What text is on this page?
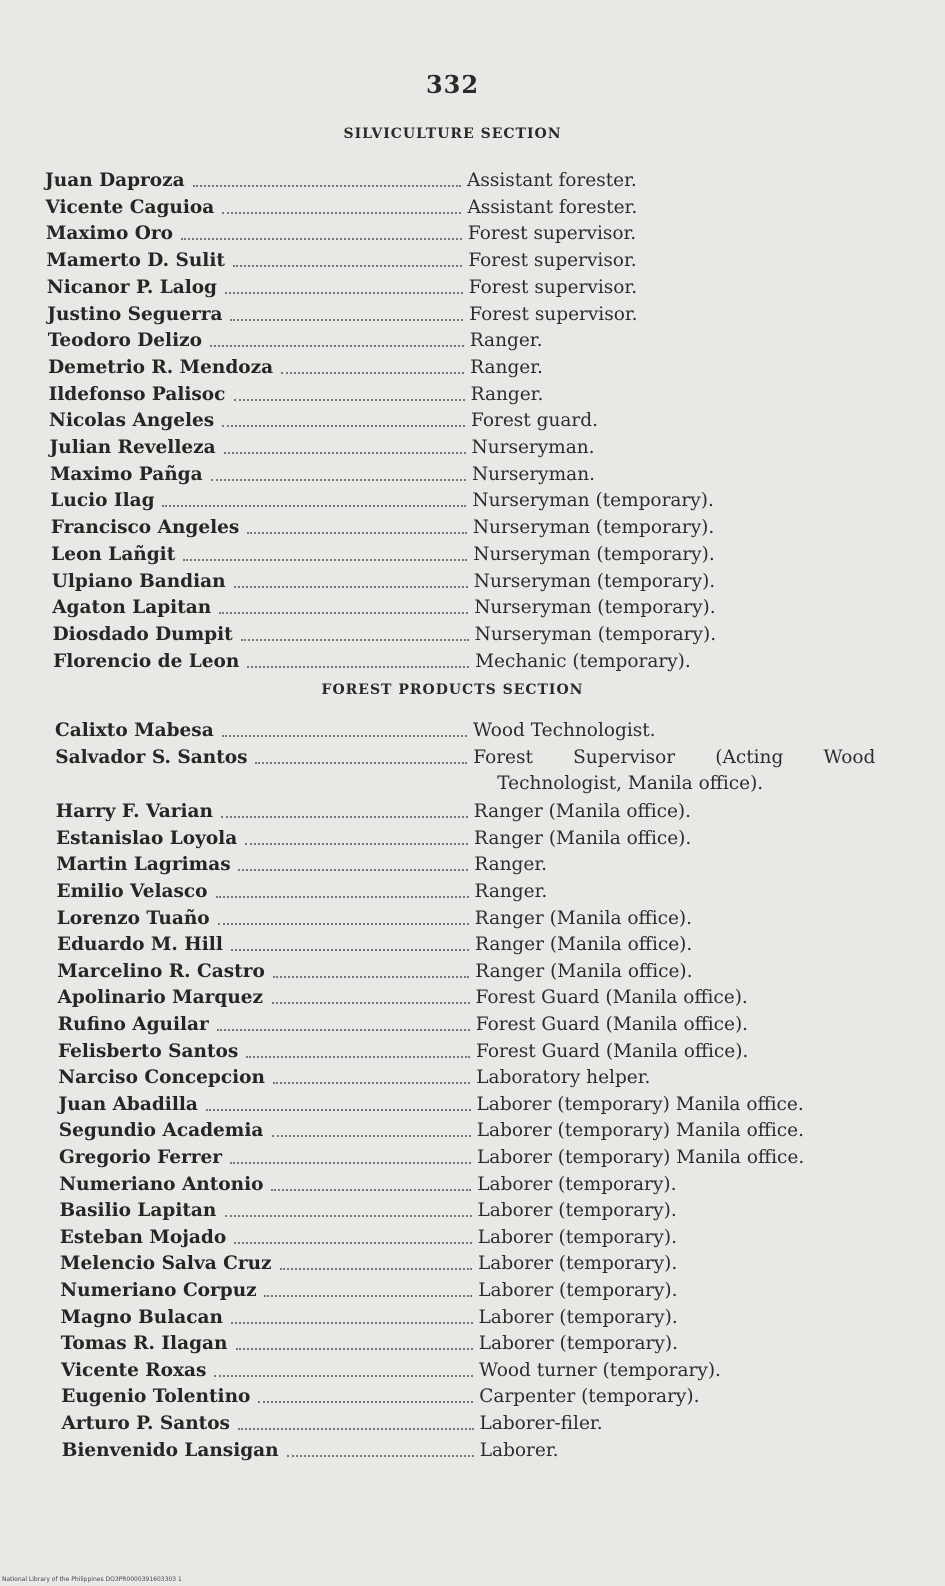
332
SILVICULTURE SECTION
Juan Daproza	Assistant forester.
Vicente Caguioa	Assistant forester.
Maximo Oro	Forest supervisor.
Mamerto D. Sulit	Forest supervisor.
Nicanor P. Lalog	Forest supervisor.
Justino Seguerra	Forest supervisor.
Teodoro Delizo	Ranger.
Demetrio R. Mendoza	Ranger.
Ildefonso Palisoc	Ranger.
Nicolas Angeles	Forest guard.
Julian Revelleza	Nurseryman.
Maximo Pañga	Nurseryman.
Lucio Ilag	Nurseryman (temporary).
Francisco Angeles	Nurseryman (temporary).
Leon Lañgit	Nurseryman (temporary).
Ulpiano Bandian	Nurseryman (temporary).
Agaton Lapitan	Nurseryman (temporary).
Diosdado Dumpit	Nurseryman (temporary).
Florencio de Leon	Mechanic (temporary).
FOREST PRODUCTS SECTION
Calixto Mabesa	Wood Technologist.
Salvador S. Santos	Forest Supervisor (Acting Wood
Technologist, Manila office).
Harry F. Varian	Ranger (Manila office).
Estanislao Loyola	Ranger (Manila office).
Martin Lagrimas	Ranger.
Emilio Velasco	Ranger.
Lorenzo Tuaño	Ranger (Manila office).
Eduardo M. Hill	Ranger (Manila office).
Marcelino R. Castro	Ranger (Manila office).
Apolinario Marquez	Forest Guard (Manila office).
Rufino Aguilar	Forest Guard (Manila office).
Felisberto Santos	Forest Guard (Manila office).
Narciso Concepcion	Laboratory helper.
Juan Abadilla	Laborer (temporary) Manila office.
Segundio Academia	Laborer (temporary) Manila office.
Gregorio Ferrer	Laborer (temporary) Manila office.
Numeriano Antonio	Laborer (temporary).
Basilio Lapitan	Laborer (temporary).
Esteban Mojado	Laborer (temporary).
Melencio Salva Cruz	Laborer (temporary).
Numeriano Corpuz	Laborer (temporary).
Magno Bulacan	Laborer (temporary).
Tomas R. Ilagan	Laborer (temporary).
Vicente Roxas	Wood turner (temporary).
Eugenio Tolentino	Carpenter (temporary).
Arturo P. Santos	Laborer-filer.
Bienvenido Lansigan	Laborer.
National Library of the Philippines DO3PR0000391603303 1
